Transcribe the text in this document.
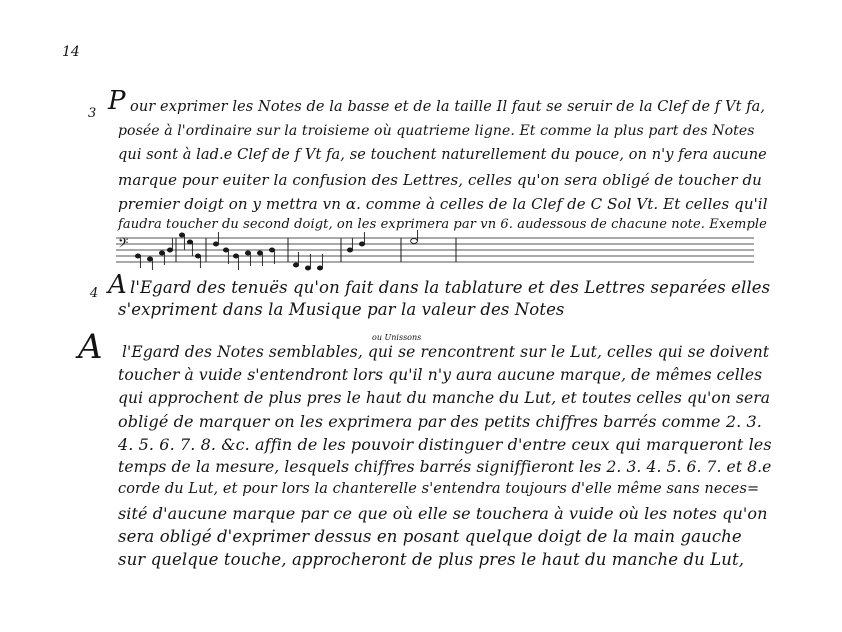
14
3 P our exprimer les Notes de la basse et de la taille Il faut se seruir de la Clef de f Vt fa,
posée à l'ordinaire sur la troisieme où quatrieme ligne. Et comme la plus part des Notes
qui sont à lad.e Clef de f Vt fa, se touchent naturellement du pouce, on n'y fera aucune
marque pour euiter la confusion des Lettres, celles qu'on sera obligé de toucher du
premier doigt on y mettra vn α. comme à celles de la Clef de C Sol Vt. Et celles qu'il
faudra toucher du second doigt, on les exprimera par vn 6. audessous de chacune note. Exemple
𝄢
4 A l'Egard des tenuës qu'on fait dans la tablature et des Lettres separées elles
s'expriment dans la Musique par la valeur des Notes
A	ou Unissons
l'Egard des Notes semblables, qui se rencontrent sur le Lut, celles qui se doivent
toucher à vuide s'entendront lors qu'il n'y aura aucune marque, de mêmes celles
qui approchent de plus pres le haut du manche du Lut, et toutes celles qu'on sera
obligé de marquer on les exprimera par des petits chiffres barrés comme 2. 3.
4. 5. 6. 7. 8. &c. affin de les pouvoir distinguer d'entre ceux qui marqueront les
temps de la mesure, lesquels chiffres barrés signiffieront les 2. 3. 4. 5. 6. 7. et 8.e
corde du Lut, et pour lors la chanterelle s'entendra toujours d'elle même sans neces=
sité d'aucune marque par ce que où elle se touchera à vuide où les notes qu'on
sera obligé d'exprimer dessus en posant quelque doigt de la main gauche
sur quelque touche, approcheront de plus pres le haut du manche du Lut,
